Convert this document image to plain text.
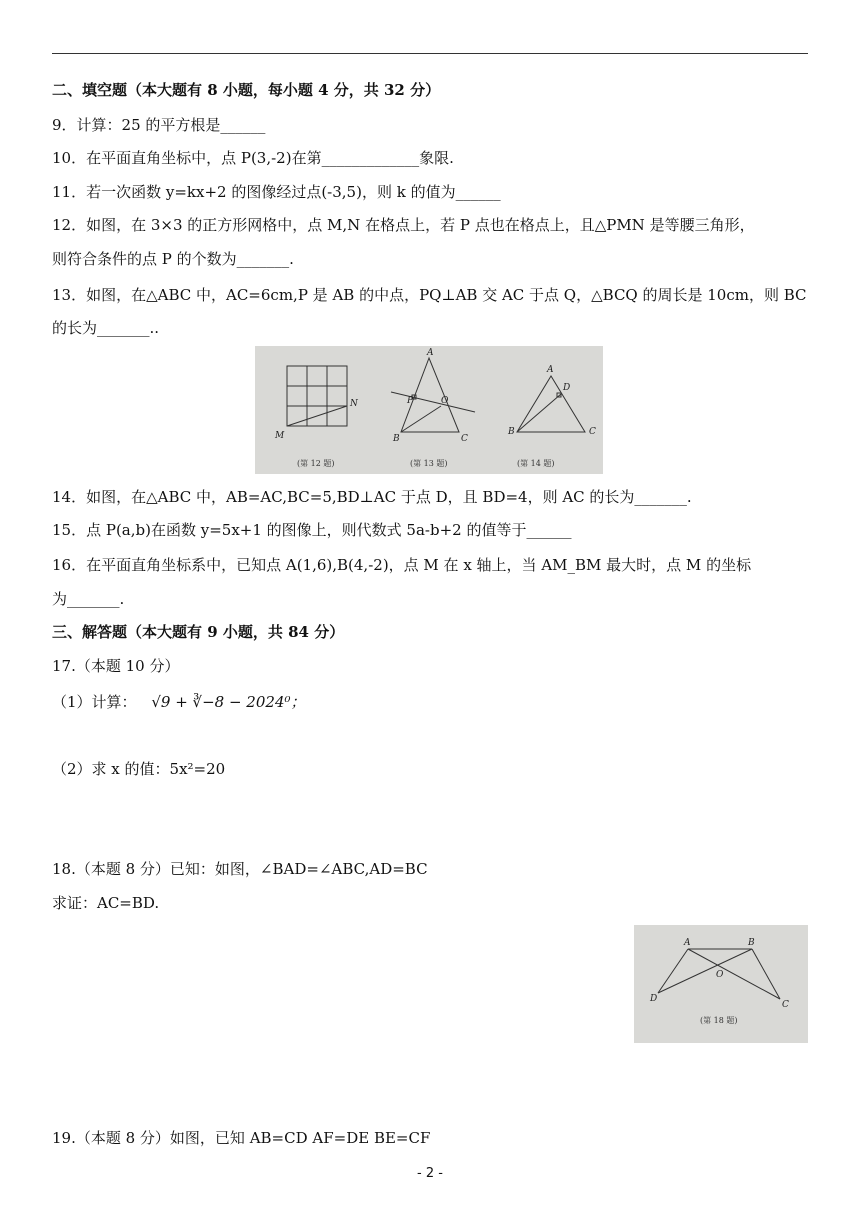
二、填空题（本大题有 8 小题，每小题 4 分，共 32 分）
9．计算：25 的平方根是______
10．在平面直角坐标中，点 P(3,-2)在第_____________象限.
11．若一次函数 y=kx+2 的图像经过点(-3,5)，则 k 的值为______
12．如图，在 3×3 的正方形网格中，点 M,N 在格点上，若 P 点也在格点上，且△PMN 是等腰三角形，
则符合条件的点 P 的个数为_______.
13．如图，在△ABC 中，AC=6cm,P 是 AB 的中点，PQ⊥AB 交 AC 于点 Q，△BCQ 的周长是 10cm，则 BC
的长为_______..
M
N
(第 12 题)
A
P	O
B	C
(第 13 题)
A
D
B	C
(第 14 题)
14．如图，在△ABC 中，AB=AC,BC=5,BD⊥AC 于点 D，且 BD=4，则 AC 的长为_______.
15．点 P(a,b)在函数 y=5x+1 的图像上，则代数式 5a-b+2 的值等于______
16．在平面直角坐标系中，已知点 A(1,6),B(4,-2)，点 M 在 x 轴上，当 AM_BM 最大时，点 M 的坐标
为_______.
三、解答题（本大题有 9 小题，共 84 分）
17.（本题 10 分）
（1）计算： √9 + ∛−8 − 2024⁰；
（2）求 x 的值：5x²=20
18.（本题 8 分）已知：如图，∠BAD=∠ABC,AD=BC
求证：AC=BD.
A	B
O
D
C
(第 18 题)
19.（本题 8 分）如图，已知 AB=CD AF=DE BE=CF
- 2 -
